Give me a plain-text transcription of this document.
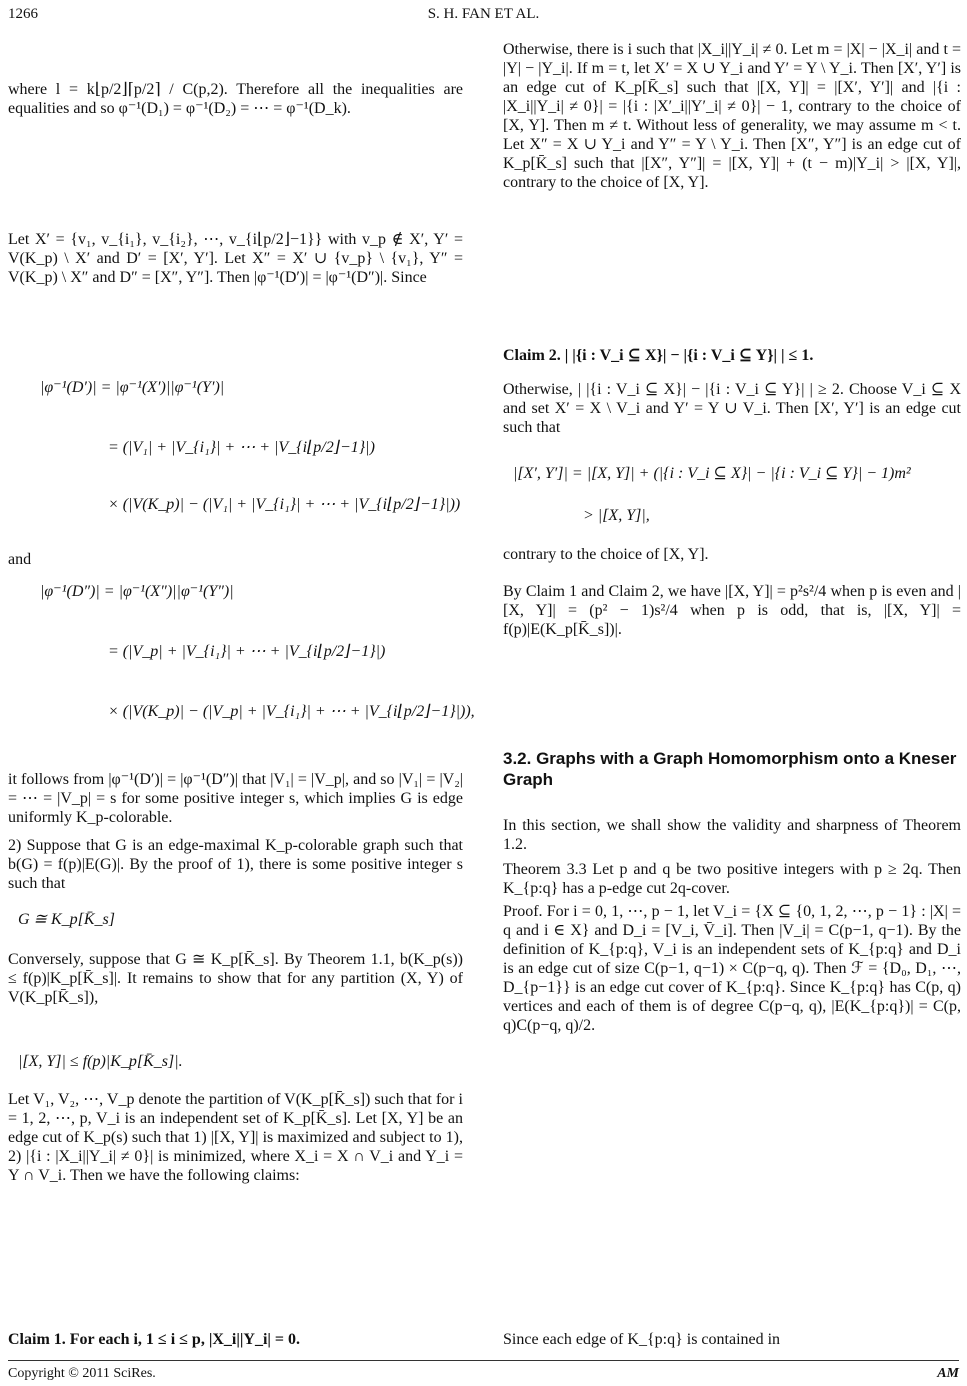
1266	S. H. FAN ET AL.
where l = k⌊p/2⌋⌈p/2⌉ / C(p,2). Therefore all the inequalities are equalities and so φ⁻¹(D₁) = φ⁻¹(D₂) = ⋯ = φ⁻¹(D_k).
Let X′ = {v₁, v_{i₁}, v_{i₂}, ⋯, v_{i⌊p/2⌋−1}} with v_p ∉ X′, Y′ = V(K_p) \ X′ and D′ = [X′, Y′]. Let X″ = X′ ∪ {v_p} \ {v₁}, Y″ = V(K_p) \ X″ and D″ = [X″, Y″]. Then |φ⁻¹(D′)| = |φ⁻¹(D″)|. Since
|φ⁻¹(D′)| = |φ⁻¹(X′)||φ⁻¹(Y′)|
= (|V₁| + |V_{i₁}| + ⋯ + |V_{i⌊p/2⌋−1}|)
× (|V(K_p)| − (|V₁| + |V_{i₁}| + ⋯ + |V_{i⌊p/2⌋−1}|))
and
|φ⁻¹(D″)| = |φ⁻¹(X″)||φ⁻¹(Y″)|
= (|V_p| + |V_{i₁}| + ⋯ + |V_{i⌊p/2⌋−1}|)
× (|V(K_p)| − (|V_p| + |V_{i₁}| + ⋯ + |V_{i⌊p/2⌋−1}|)),
it follows from |φ⁻¹(D′)| = |φ⁻¹(D″)| that |V₁| = |V_p|, and so |V₁| = |V₂| = ⋯ = |V_p| = s for some positive integer s, which implies G is edge uniformly K_p-colorable.
2) Suppose that G is an edge-maximal K_p-colorable graph such that b(G) = f(p)|E(G)|. By the proof of 1), there is some positive integer s such that
G ≅ K_p[K̄_s]
Conversely, suppose that G ≅ K_p[K̄_s]. By Theorem 1.1, b(K_p(s)) ≤ f(p)|K_p[K̄_s]|. It remains to show that for any partition (X, Y) of V(K_p[K̄_s]),
|[X, Y]| ≤ f(p)|K_p[K̄_s]|.
Let V₁, V₂, ⋯, V_p denote the partition of V(K_p[K̄_s]) such that for i = 1, 2, ⋯, p, V_i is an independent set of K_p[K̄_s]. Let [X, Y] be an edge cut of K_p(s) such that 1) |[X, Y]| is maximized and subject to 1), 2) |{i : |X_i||Y_i| ≠ 0}| is minimized, where X_i = X ∩ V_i and Y_i = Y ∩ V_i. Then we have the following claims:
Claim 1. For each i, 1 ≤ i ≤ p, |X_i||Y_i| = 0.
Otherwise, there is i such that |X_i||Y_i| ≠ 0. Let m = |X| − |X_i| and t = |Y| − |Y_i|. If m = t, let X′ = X ∪ Y_i and Y′ = Y \ Y_i. Then [X′, Y′] is an edge cut of K_p[K̄_s] such that |[X, Y]| = |[X′, Y′]| and |{i : |X_i||Y_i| ≠ 0}| = |{i : |X′_i||Y′_i| ≠ 0}| − 1, contrary to the choice of [X, Y]. Then m ≠ t. Without less of generality, we may assume m < t. Let X″ = X ∪ Y_i and Y″ = Y \ Y_i. Then [X″, Y″] is an edge cut of K_p[K̄_s] such that |[X″, Y″]| = |[X, Y]| + (t − m)|Y_i| > |[X, Y]|, contrary to the choice of [X, Y].
Claim 2. | |{i : V_i ⊆ X}| − |{i : V_i ⊆ Y}| | ≤ 1.
Otherwise, | |{i : V_i ⊆ X}| − |{i : V_i ⊆ Y}| | ≥ 2. Choose V_i ⊆ X and set X′ = X \ V_i and Y′ = Y ∪ V_i. Then [X′, Y′] is an edge cut such that
|[X′, Y′]| = |[X, Y]| + (|{i : V_i ⊆ X}| − |{i : V_i ⊆ Y}| − 1)m²
> |[X, Y]|,
contrary to the choice of [X, Y].
By Claim 1 and Claim 2, we have |[X, Y]| = p²s²/4 when p is even and |[X, Y]| = (p² − 1)s²/4 when p is odd, that is, |[X, Y]| = f(p)|E(K_p[K̄_s])|.
3.2. Graphs with a Graph Homomorphism onto a Kneser Graph
In this section, we shall show the validity and sharpness of Theorem 1.2.
Theorem 3.3 Let p and q be two positive integers with p ≥ 2q. Then K_{p:q} has a p-edge cut 2q-cover.
Proof. For i = 0, 1, ⋯, p − 1, let V_i = {X ⊆ {0, 1, 2, ⋯, p − 1} : |X| = q and i ∈ X} and D_i = [V_i, V̄_i]. Then |V_i| = C(p−1, q−1). By the definition of K_{p:q}, V_i is an independent sets of K_{p:q} and D_i is an edge cut of size C(p−1, q−1) × C(p−q, q). Then ℱ = {D₀, D₁, ⋯, D_{p−1}} is an edge cut cover of K_{p:q}. Since K_{p:q} has C(p, q) vertices and each of them is of degree C(p−q, q), |E(K_{p:q})| = C(p, q)C(p−q, q)/2.
Since each edge of K_{p:q} is contained in
Copyright © 2011 SciRes.	AM
